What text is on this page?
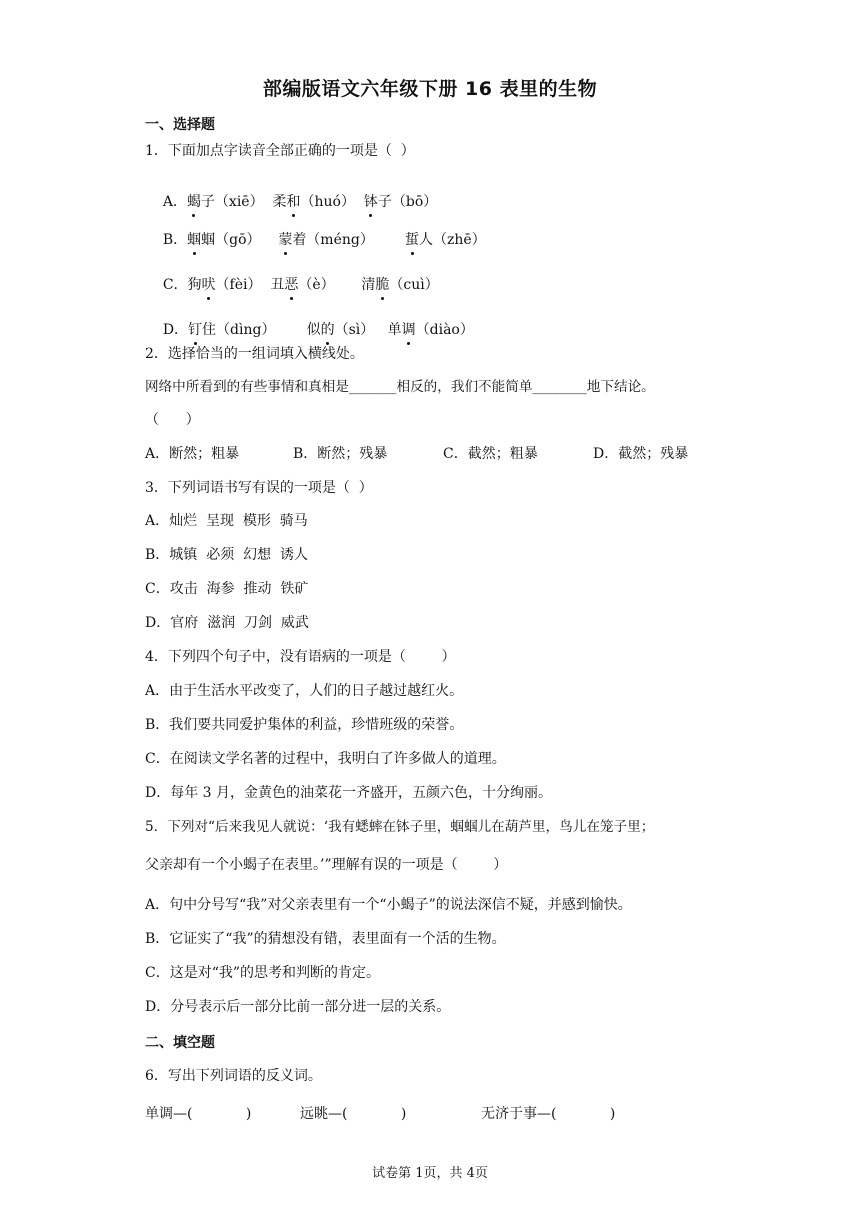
部编版语文六年级下册 16 表里的生物
一、选择题
1．下面加点字读音全部正确的一项是（  ）

A．蝎子（xiē）  柔和（huó）  钵子（bō）

B．蝈蝈（gō）    蒙着（méng）       蜇人（zhē）

C．狗吠（fèi）  丑恶（è）      清脆（cuì）

D．钉住（dìng）       似的（sì）   单调（diào）

2．选择恰当的一组词填入横线处。
网络中所看到的有些事情和真相是_______相反的，我们不能简单________地下结论。
（      ）
A．断然；粗暴	B．断然；残暴	C．截然；粗暴	D．截然；残暴
3．下列词语书写有误的一项是（  ）
A．灿烂  呈现  模形  骑马
B．城镇  必须  幻想  诱人
C．攻击  海参  推动  铁矿
D．官府  滋润  刀剑  威武
4．下列四个句子中，没有语病的一项是（        ）
A．由于生活水平改变了，人们的日子越过越红火。
B．我们要共同爱护集体的利益，珍惜班级的荣誉。
C．在阅读文学名著的过程中，我明白了许多做人的道理。
D．每年 3 月，金黄色的油菜花一齐盛开，五颜六色，十分绚丽。
5．下列对“后来我见人就说：‘我有蟋蟀在钵子里，蝈蝈儿在葫芦里，鸟儿在笼子里；
父亲却有一个小蝎子在表里。’”理解有误的一项是（        ）
A．句中分号写“我”对父亲表里有一个“小蝎子”的说法深信不疑，并感到愉快。
B．它证实了“我”的猜想没有错，表里面有一个活的生物。
C．这是对“我”的思考和判断的肯定。
D．分号表示后一部分比前一部分进一层的关系。
二、填空题
6．写出下列词语的反义词。
单调—(            )	远眺—(            )	无济于事—(            )
试卷第 1页，共 4页
